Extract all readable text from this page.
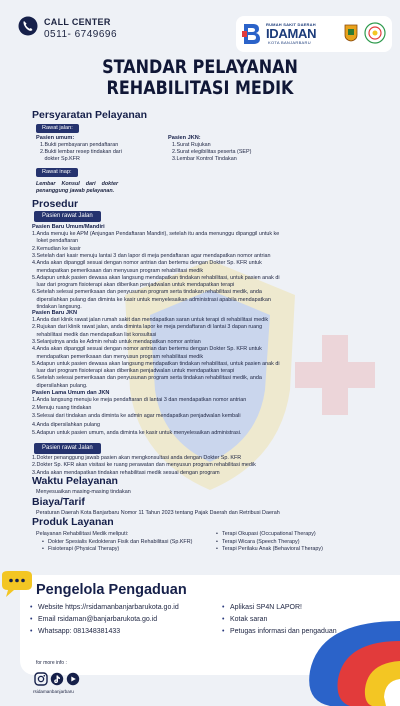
CALL CENTER
0511- 6749696
RUMAH SAKIT DAERAH
IDAMAN
KOTA BANJARBARU
STANDAR PELAYANAN
REHABILITASI MEDIK
Persyaratan Pelayanan
Rawat jalan:
Pasien umum:
1.Bukti pembayaran pendaftaran
2.Bukti lembar resep tindakan dari
dokter Sp.KFR
Pasien JKN:
1.Surat Rujukan
2.Surat elegibilitas peserta (SEP)
3.Lembar Kontrol Tindakan
Rawat inap:
Lembar    Konsul    dari    dokter
penanggung jawab pelayanan.
Prosedur
Pasien rawat Jalan
Pasien Baru Umum/Mandiri
1.Anda menuju ke APM (Anjungan Pendaftaran Mandiri), setelah itu anda menunggu dipanggil untuk ke
loket pendaftaran
2.Kemudian ke kasir
3.Setelah dari kasir menuju lantai 3 dan lapor di meja pendaftaran agar mendapatkan nomor antrian
4.Anda akan dipanggil sesuai dengan nomor antrian dan bertemu dengan Dokter Sp. KFR untuk
mendapatkan pemeriksaan dan menyusun program rehabilitasi medik
5.Adapun untuk pasien dewasa akan langsung mendapatkan tindakan rehabilitasi, untuk pasien anak di
luar dari program fisioterapi akan diberikan penjadwalan untuk mendapatkan terapi
6.Setelah selesai pemeriksaan dan penyusunan program serta tindakan rehabilitasi medik, anda
dipersilahkan pulang dan diminta ke kasir untuk menyelesaikan administrasi apabila mendapatkan
tindakan langsung.
Pasien Baru JKN
1.Anda dari klinik rawat jalan rumah sakit dan mendapatkan saran untuk terapi di rehabilitasi medik
2.Rujukan dari klinik rawat jalan, anda diminta lapor ke meja pendaftaran di lantai 3 dapan ruang
rehabilitasi medik dan mendapatkan list konsultasi
3.Selanjutnya anda ke Admin rehab untuk mendapatkan nomor antrian
4.Anda akan dipanggil sesuai dengan nomor antrian dan bertemu dengan Dokter Sp. KFR untuk
mendapatkan pemeriksaan dan menyusun program rehabilitasi medik
5.Adapun untuk pasien dewasa akan langsung mendapatkan tindakan rehabilitasi, untuk pasien anak di
luar dari program fisioterapi akan diberikan penjadwalan untuk mendapatkan terapi
6.Setelah selesai pemeriksaan dan penyusunan program serta tindakan rehabilitasi medik, anda
dipersilahkan pulang.
Pasien Lama Umum dan JKN
1.Anda langsung menuju ke meja pendaftaran di lantai 3 dan mendapatkan nomor antrian
2.Menuju ruang tindakan
3.Selesai dari tindakan anda diminta ke admin agar mendapatkan penjadwalan kembali
4.Anda dipersilahkan pulang
5.Adapun untuk pasien umum, anda diminta ke kasir untuk menyelesaikan administrasi.
Pasien rawat Jalan
1.Dokter penanggung jawab pasien akan mengkonsultasi anda dengan Dokter Sp. KFR
2.Dokter Sp. KFR akan visitasi ke ruang perawatan dan menyusun program rehabilitasi medik
3.Anda akan mendapatkan tindakan rehabilitasi medik sesuai dengan program
Waktu Pelayanan
Menyesuaikan masing-masing tindakan
Biaya/Tarif
Peraturan Daerah Kota Banjarbaru Nomor 11 Tahun 2023 tentang Pajak Daerah dan Retribusi Daerah
Produk Layanan
Pelayanan Rehabilitasi Medik meliputi:
• Dokter Spesialis Kedokteran Fisik dan Rehabilitasi (Sp.KFR)
• Fisioterapi (Physical Therapy)
• Terapi Okupasi (Occupational Therapy)
• Terapi Wicara (Speech Therapy)
• Terapi Perilaku Anak (Behavioral Therapy)
Pengelola Pengaduan
• Website https://rsidamanbanjarbarukota.go.id
• Email rsidaman@banjarbarukota.go.id
• Whatsapp: 081348381433
• Aplikasi SP4N LAPOR!
• Kotak saran
• Petugas informasi dan pengaduan
for more info :
rsidamanbanjarbaru
